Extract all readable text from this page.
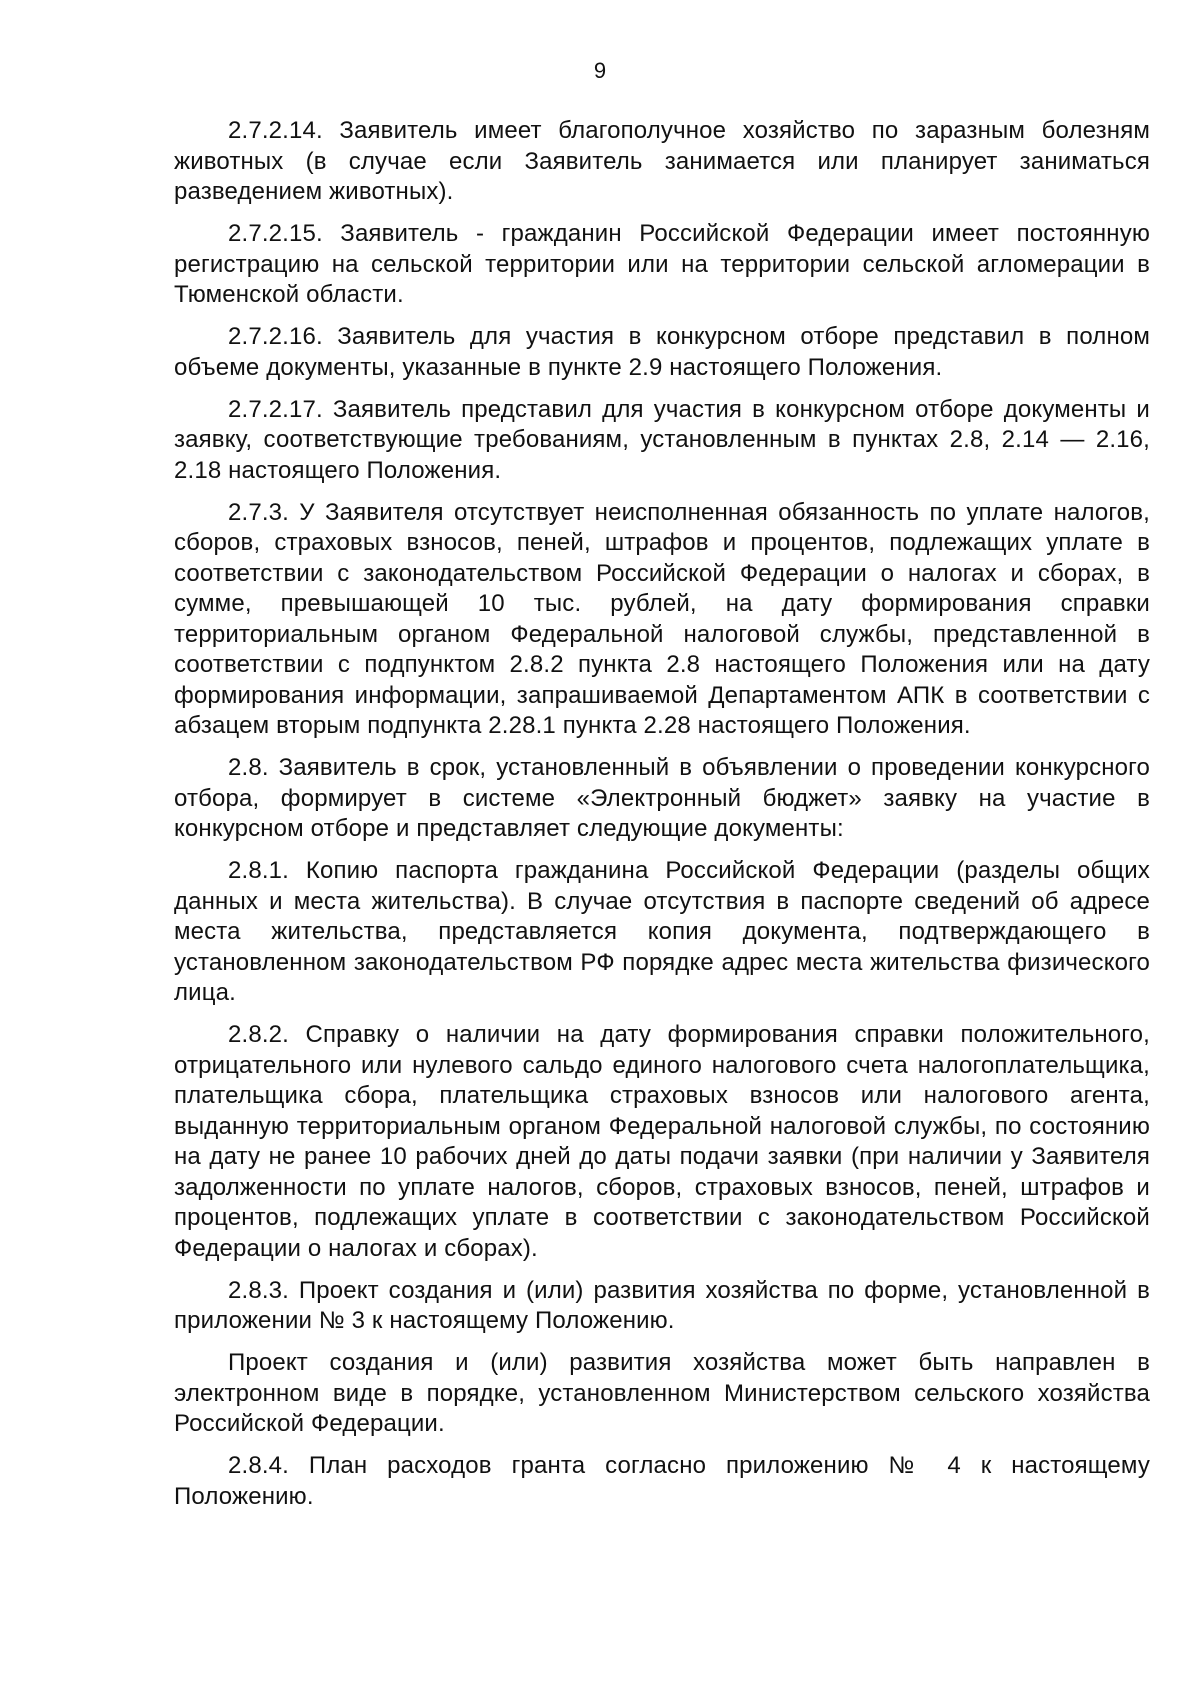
9

2.7.2.14. Заявитель имеет благополучное хозяйство по заразным болезням животных (в случае если Заявитель занимается или планирует заниматься разведением животных).

2.7.2.15. Заявитель - гражданин Российской Федерации имеет постоянную регистрацию на сельской территории или на территории сельской агломерации в Тюменской области.

2.7.2.16. Заявитель для участия в конкурсном отборе представил в полном объеме документы, указанные в пункте 2.9 настоящего Положения.

2.7.2.17. Заявитель представил для участия в конкурсном отборе документы и заявку, соответствующие требованиям, установленным в пунктах 2.8, 2.14 — 2.16, 2.18 настоящего Положения.

2.7.3. У Заявителя отсутствует неисполненная обязанность по уплате налогов, сборов, страховых взносов, пеней, штрафов и процентов, подлежащих уплате в соответствии с законодательством Российской Федерации о налогах и сборах, в сумме, превышающей 10 тыс. рублей, на дату формирования справки территориальным органом Федеральной налоговой службы, представленной в соответствии с подпунктом 2.8.2 пункта 2.8 настоящего Положения или на дату формирования информации, запрашиваемой Департаментом АПК в соответствии с абзацем вторым подпункта 2.28.1 пункта 2.28 настоящего Положения.

2.8. Заявитель в срок, установленный в объявлении о проведении конкурсного отбора, формирует в системе «Электронный бюджет» заявку на участие в конкурсном отборе и представляет следующие документы:

2.8.1. Копию паспорта гражданина Российской Федерации (разделы общих данных и места жительства). В случае отсутствия в паспорте сведений об адресе места жительства, представляется копия документа, подтверждающего в установленном законодательством РФ порядке адрес места жительства физического лица.

2.8.2. Справку о наличии на дату формирования справки положительного, отрицательного или нулевого сальдо единого налогового счета налогоплательщика, плательщика сбора, плательщика страховых взносов или налогового агента, выданную территориальным органом Федеральной налоговой службы, по состоянию на дату не ранее 10 рабочих дней до даты подачи заявки (при наличии у Заявителя задолженности по уплате налогов, сборов, страховых взносов, пеней, штрафов и процентов, подлежащих уплате в соответствии с законодательством Российской Федерации о налогах и сборах).

2.8.3. Проект создания и (или) развития хозяйства по форме, установленной в приложении № 3 к настоящему Положению.

Проект создания и (или) развития хозяйства может быть направлен в электронном виде в порядке, установленном Министерством сельского хозяйства Российской Федерации.

2.8.4. План расходов гранта согласно приложению № 4 к настоящему Положению.
